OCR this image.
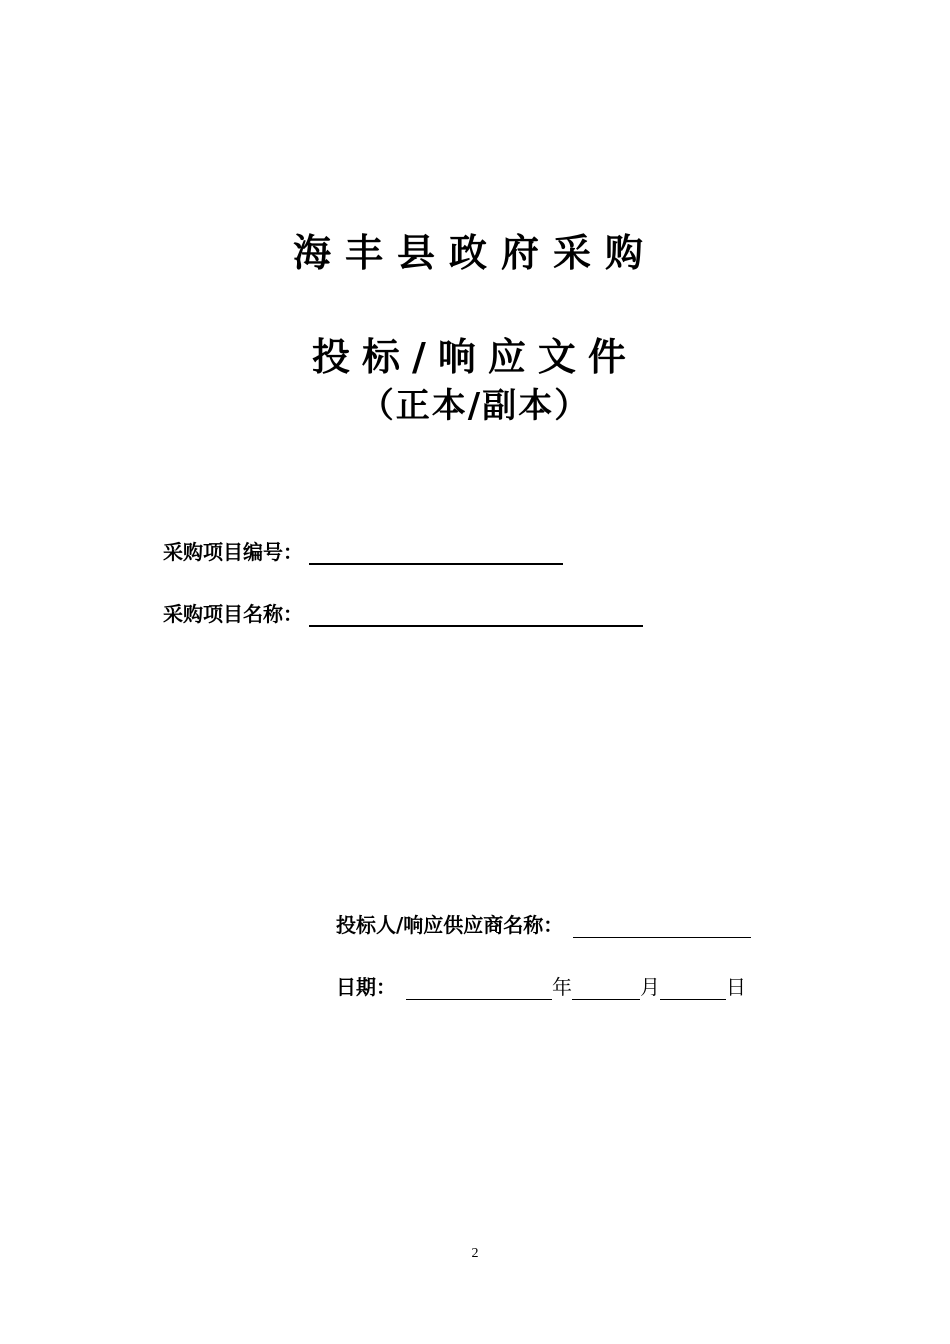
海丰县政府采购
投标/响应文件
（正本/副本）
采购项目编号：
采购项目名称：
投标人/响应供应商名称：
日期：	年	月	日
2
